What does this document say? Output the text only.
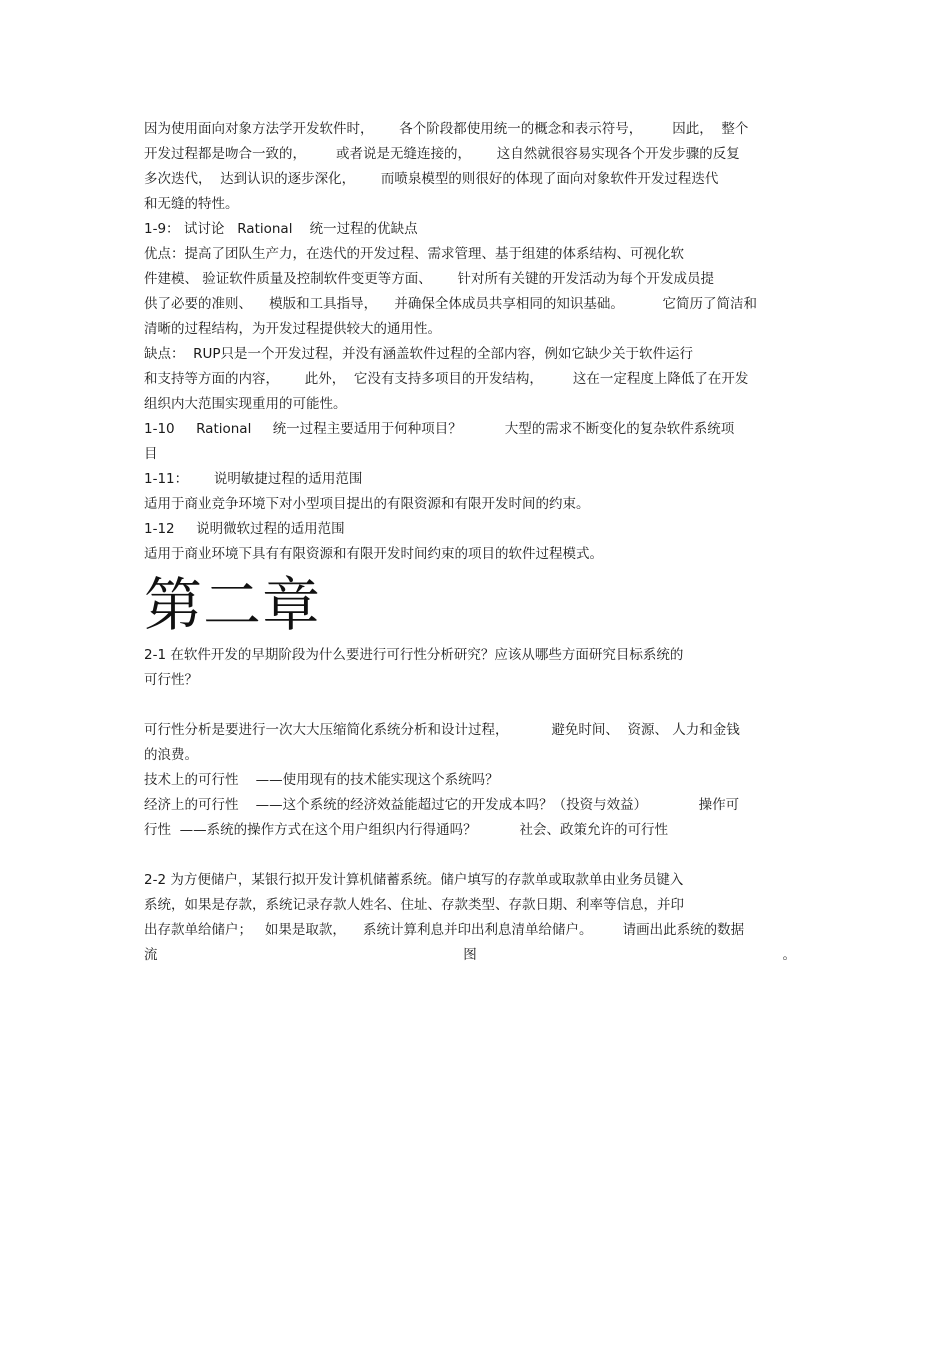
因为使用面向对象方法学开发软件时，      各个阶段都使用统一的概念和表示符号，       因此，  整个
开发过程都是吻合一致的，       或者说是无缝连接的，      这自然就很容易实现各个开发步骤的反复
多次迭代，  达到认识的逐步深化，      而喷泉模型的则很好的体现了面向对象软件开发过程迭代
和无缝的特性。
1-9： 试讨论   Rational    统一过程的优缺点
优点：提高了团队生产力，在迭代的开发过程、需求管理、基于组建的体系结构、可视化软
件建模、 验证软件质量及控制软件变更等方面、      针对所有关键的开发活动为每个开发成员提
供了必要的准则、    模版和工具指导，    并确保全体成员共享相同的知识基础。         它简历了简洁和
清晰的过程结构，为开发过程提供较大的通用性。
缺点：  RUP只是一个开发过程，并没有涵盖软件过程的全部内容，例如它缺少关于软件运行
和支持等方面的内容，      此外，  它没有支持多项目的开发结构，       这在一定程度上降低了在开发
组织内大范围实现重用的可能性。
1-10     Rational     统一过程主要适用于何种项目？          大型的需求不断变化的复杂软件系统项
目
1-11：      说明敏捷过程的适用范围
适用于商业竞争环境下对小型项目提出的有限资源和有限开发时间的约束。
1-12     说明微软过程的适用范围
适用于商业环境下具有有限资源和有限开发时间约束的项目的软件过程模式。
第二章
2-1 在软件开发的早期阶段为什么要进行可行性分析研究？应该从哪些方面研究目标系统的
可行性？
可行性分析是要进行一次大大压缩简化系统分析和设计过程，          避免时间、  资源、 人力和金钱
的浪费。
技术上的可行性    ——使用现有的技术能实现这个系统吗？
经济上的可行性    ——这个系统的经济效益能超过它的开发成本吗？（投资与效益）            操作可
行性  ——系统的操作方式在这个用户组织内行得通吗？          社会、政策允许的可行性
2-2 为方便储户，某银行拟开发计算机储蓄系统。储户填写的存款单或取款单由业务员键入
系统，如果是存款，系统记录存款人姓名、住址、存款类型、存款日期、利率等信息，并印
出存款单给储户；   如果是取款，    系统计算利息并印出利息清单给储户。       请画出此系统的数据
流	图	。
